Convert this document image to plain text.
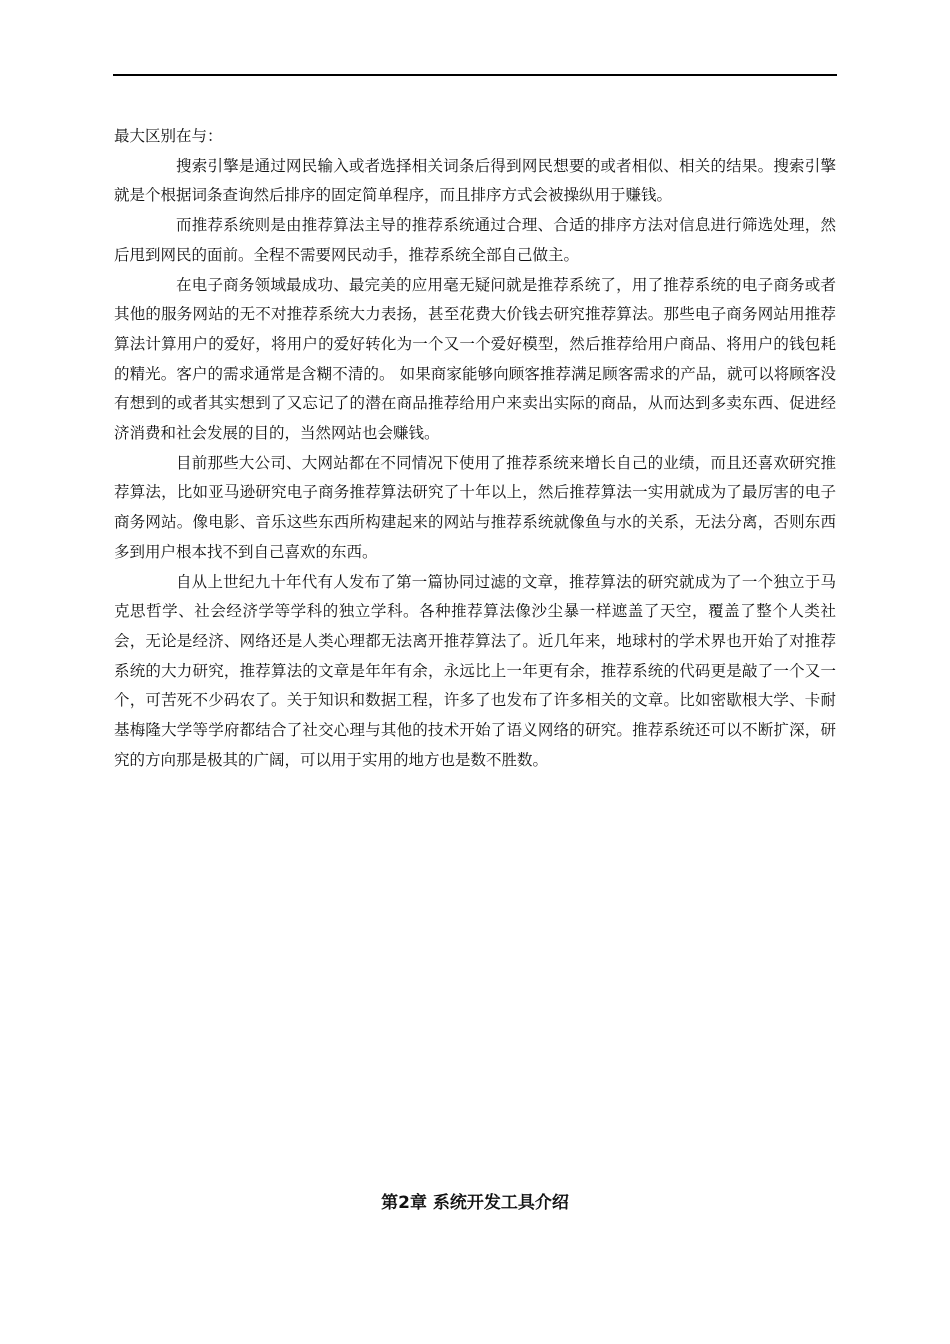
最大区别在与：

搜索引擎是通过网民输入或者选择相关词条后得到网民想要的或者相似、相关的结果。搜索引擎就是个根据词条查询然后排序的固定简单程序，而且排序方式会被操纵用于赚钱。

而推荐系统则是由推荐算法主导的推荐系统通过合理、合适的排序方法对信息进行筛选处理，然后甩到网民的面前。全程不需要网民动手，推荐系统全部自己做主。

在电子商务领域最成功、最完美的应用毫无疑问就是推荐系统了，用了推荐系统的电子商务或者其他的服务网站的无不对推荐系统大力表扬，甚至花费大价钱去研究推荐算法。那些电子商务网站用推荐算法计算用户的爱好，将用户的爱好转化为一个又一个爱好模型，然后推荐给用户商品、将用户的钱包耗的精光。客户的需求通常是含糊不清的。 如果商家能够向顾客推荐满足顾客需求的产品，就可以将顾客没有想到的或者其实想到了又忘记了的潜在商品推荐给用户来卖出实际的商品，从而达到多卖东西、促进经济消费和社会发展的目的，当然网站也会赚钱。

目前那些大公司、大网站都在不同情况下使用了推荐系统来增长自己的业绩，而且还喜欢研究推荐算法，比如亚马逊研究电子商务推荐算法研究了十年以上，然后推荐算法一实用就成为了最厉害的电子商务网站。像电影、音乐这些东西所构建起来的网站与推荐系统就像鱼与水的关系，无法分离，否则东西多到用户根本找不到自己喜欢的东西。

自从上世纪九十年代有人发布了第一篇协同过滤的文章，推荐算法的研究就成为了一个独立于马克思哲学、社会经济学等学科的独立学科。各种推荐算法像沙尘暴一样遮盖了天空，覆盖了整个人类社会，无论是经济、网络还是人类心理都无法离开推荐算法了。近几年来，地球村的学术界也开始了对推荐系统的大力研究，推荐算法的文章是年年有余，永远比上一年更有余，推荐系统的代码更是敲了一个又一个，可苦死不少码农了。关于知识和数据工程，许多了也发布了许多相关的文章。比如密歇根大学、卡耐基梅隆大学等学府都结合了社交心理与其他的技术开始了语义网络的研究。推荐系统还可以不断扩深，研究的方向那是极其的广阔，可以用于实用的地方也是数不胜数。

第2章 系统开发工具介绍
